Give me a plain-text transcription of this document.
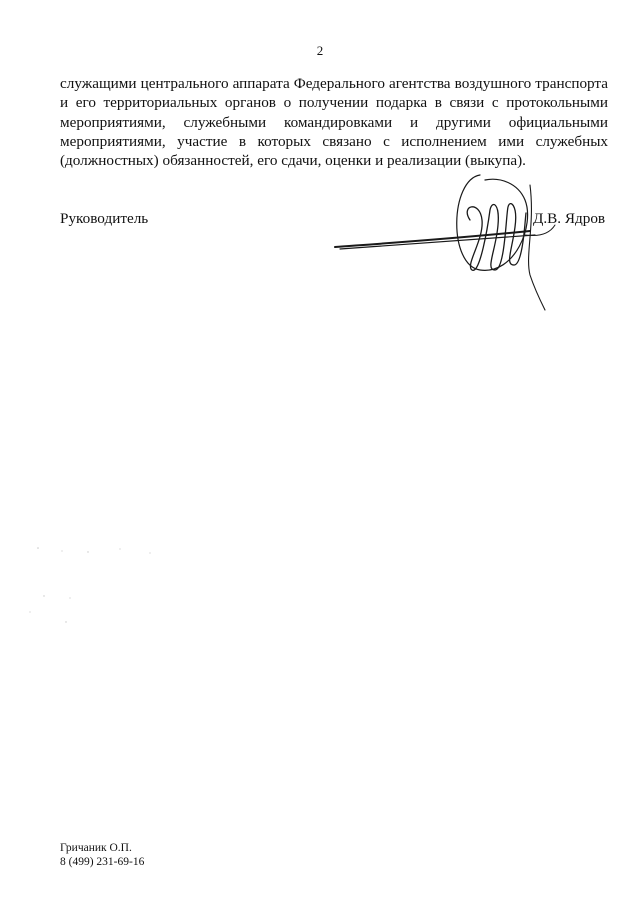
2

служащими центрального аппарата Федерального агентства воздушного транспорта
и его территориальных органов о получении подарка в связи с протокольными
мероприятиями, служебными командировками и другими официальными
мероприятиями, участие в которых связано с исполнением ими служебных
(должностных) обязанностей, его сдачи, оценки и реализации (выкупа).

Руководитель	Д.В. Ядров
Гричаник О.П.
8 (499) 231-69-16
